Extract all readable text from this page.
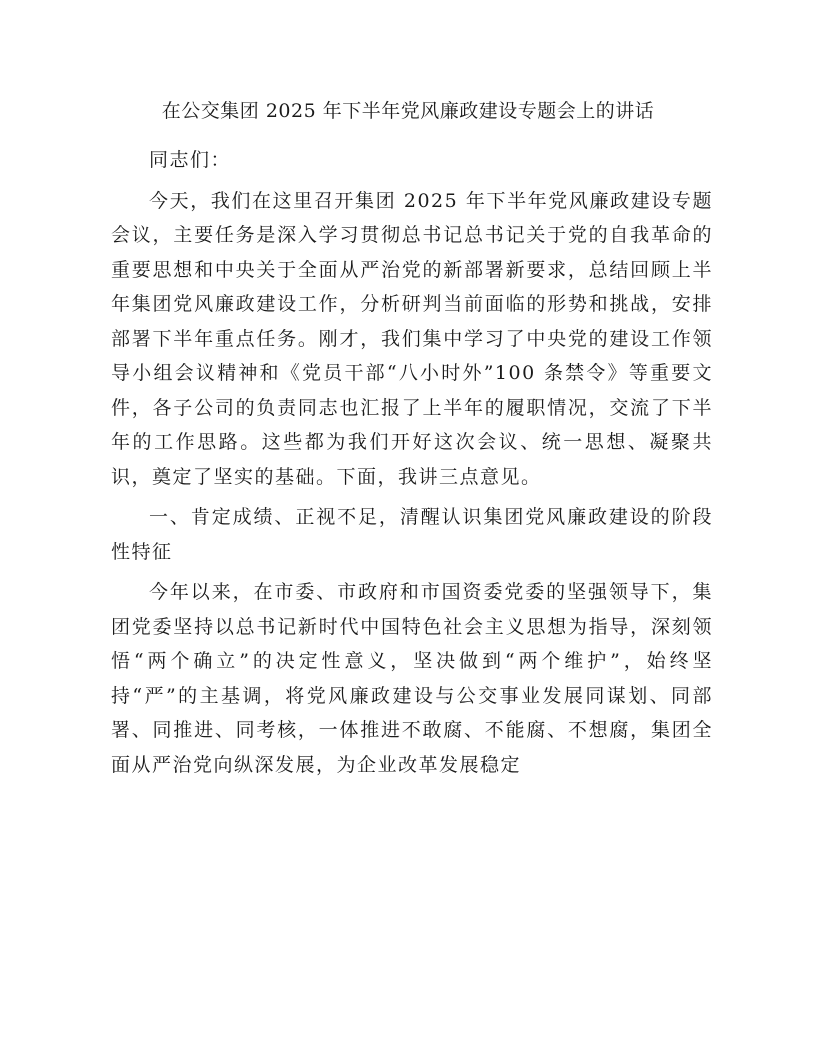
在公交集团 2025 年下半年党风廉政建设专题会上的讲话

同志们：

今天，我们在这里召开集团 2025 年下半年党风廉政建设专题会议，主要任务是深入学习贯彻总书记总书记关于党的自我革命的重要思想和中央关于全面从严治党的新部署新要求，总结回顾上半年集团党风廉政建设工作，分析研判当前面临的形势和挑战，安排部署下半年重点任务。刚才，我们集中学习了中央党的建设工作领导小组会议精神和《党员干部“八小时外”100 条禁令》等重要文件，各子公司的负责同志也汇报了上半年的履职情况，交流了下半年的工作思路。这些都为我们开好这次会议、统一思想、凝聚共识，奠定了坚实的基础。下面，我讲三点意见。

一、肯定成绩、正视不足，清醒认识集团党风廉政建设的阶段性特征

今年以来，在市委、市政府和市国资委党委的坚强领导下，集团党委坚持以总书记新时代中国特色社会主义思想为指导，深刻领悟“两个确立”的决定性意义，坚决做到“两个维护”，始终坚持“严”的主基调，将党风廉政建设与公交事业发展同谋划、同部署、同推进、同考核，一体推进不敢腐、不能腐、不想腐，集团全面从严治党向纵深发展，为企业改革发展稳定
